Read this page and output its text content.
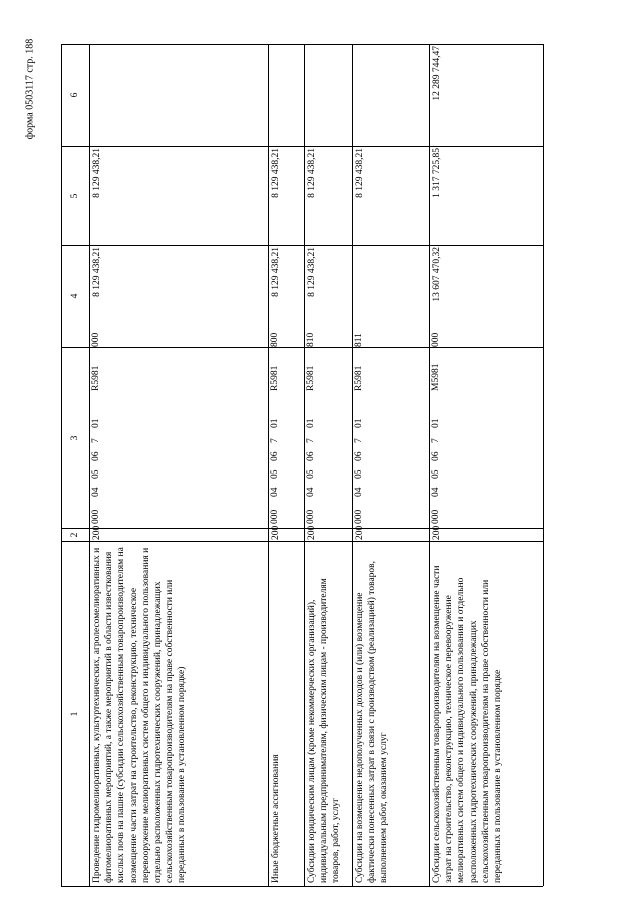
форма 0503117 стр. 188
1
2
3
4
5
6
Проведение гидромелиоративных, культуртехнических, агролесомелиоративных и фитомелиоративных мероприятий, а также мероприятий в области известкования кислых почв на пашне (субсидии сельскохозяйственным товаропроизводителям на возмещение части затрат на строительство, реконструкцию, техническое перевооружение мелиоративных систем общего и индивидуального пользования и отдельно расположенных гидротехнических сооружений, принадлежащих сельскохозяйственным товаропроизводителям на праве собственности или переданных в пользование в установленном порядке)
200
000
04
05
06
7
01
R5981
000
8 129 438,21
8 129 438,21
Иные бюджетные ассигнования
200
000
04
05
06
7
01
R5981
800
8 129 438,21
8 129 438,21
Субсидии юридическим лицам (кроме некоммерческих организаций), индивидуальным предпринимателям, физическим лицам - производителям товаров, работ, услуг
200
000
04
05
06
7
01
R5981
810
8 129 438,21
8 129 438,21
Субсидии на возмещение недополученных доходов и (или) возмещение фактически понесенных затрат в связи с производством (реализацией) товаров, выполнением работ, оказанием услуг
200
000
04
05
06
7
01
R5981
811
8 129 438,21
Субсидии сельскохозяйственным товаропроизводителям на возмещение части затрат на строительство, реконструкцию, техническое перевооружение мелиоративных систем общего и индивидуального пользования и отдельно расположенных гидротехнических сооружений, принадлежащих сельскохозяйственным товаропроизводителям на праве собственности или переданных в пользование в установленном порядке
200
000
04
05
06
7
01
M5981
000
13 607 470,32
1 317 725,85
12 289 744,47
